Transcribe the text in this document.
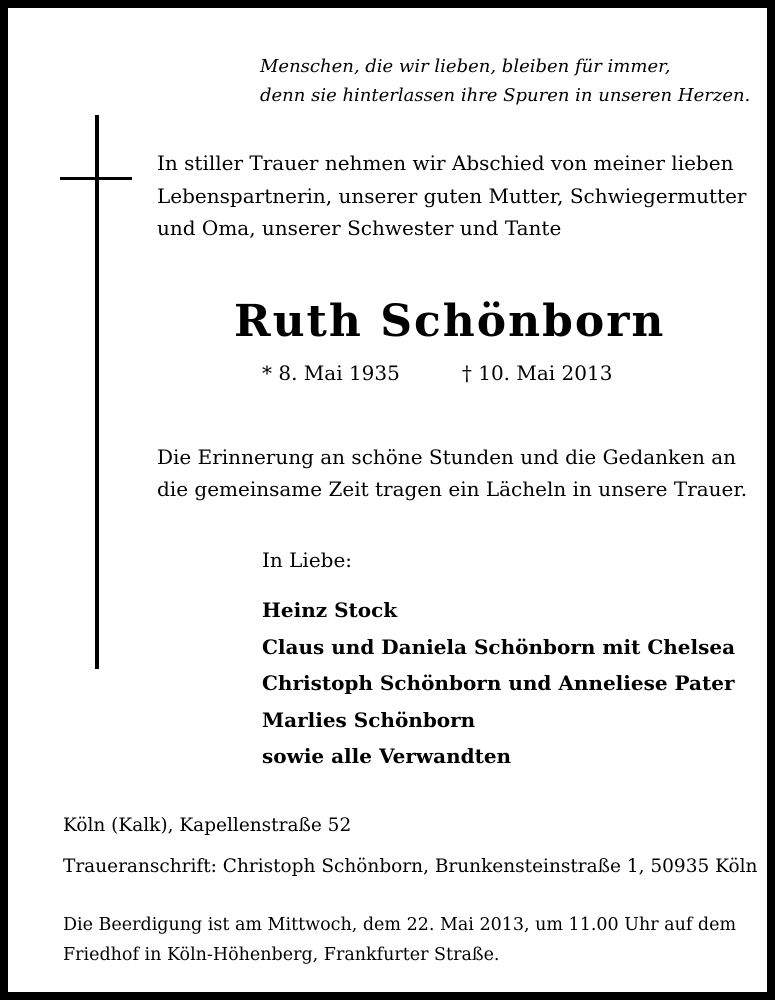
Menschen, die wir lieben, bleiben für immer,
denn sie hinterlassen ihre Spuren in unseren Herzen.
In stiller Trauer nehmen wir Abschied von meiner lieben
Lebenspartnerin, unserer guten Mutter, Schwiegermutter
und Oma, unserer Schwester und Tante
Ruth Schönborn
* 8. Mai 1935	† 10. Mai 2013
Die Erinnerung an schöne Stunden und die Gedanken an
die gemeinsame Zeit tragen ein Lächeln in unsere Trauer.
In Liebe:
Heinz Stock
Claus und Daniela Schönborn mit Chelsea
Christoph Schönborn und Anneliese Pater
Marlies Schönborn
sowie alle Verwandten
Köln (Kalk), Kapellenstraße 52
Traueranschrift: Christoph Schönborn, Brunkensteinstraße 1, 50935 Köln
Die Beerdigung ist am Mittwoch, dem 22. Mai 2013, um 11.00 Uhr auf dem
Friedhof in Köln-Höhenberg, Frankfurter Straße.
